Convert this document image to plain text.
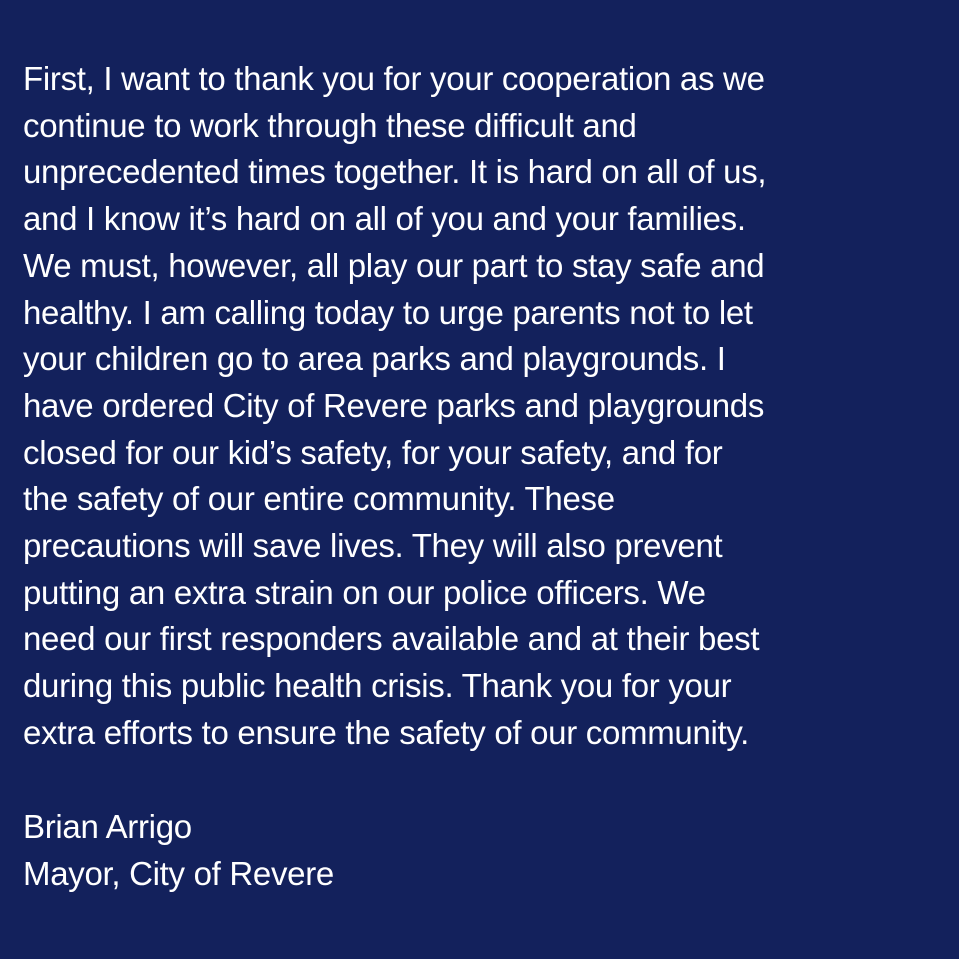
First, I want to thank you for your cooperation as we
continue to work through these difficult and
unprecedented times together. It is hard on all of us,
and I know it’s hard on all of you and your families.
We must, however, all play our part to stay safe and
healthy. I am calling today to urge parents not to let
your children go to area parks and playgrounds. I
have ordered City of Revere parks and playgrounds
closed for our kid’s safety, for your safety, and for
the safety of our entire community. These
precautions will save lives. They will also prevent
putting an extra strain on our police officers. We
need our first responders available and at their best
during this public health crisis. Thank you for your
extra efforts to ensure the safety of our community.
Brian Arrigo
Mayor, City of Revere
